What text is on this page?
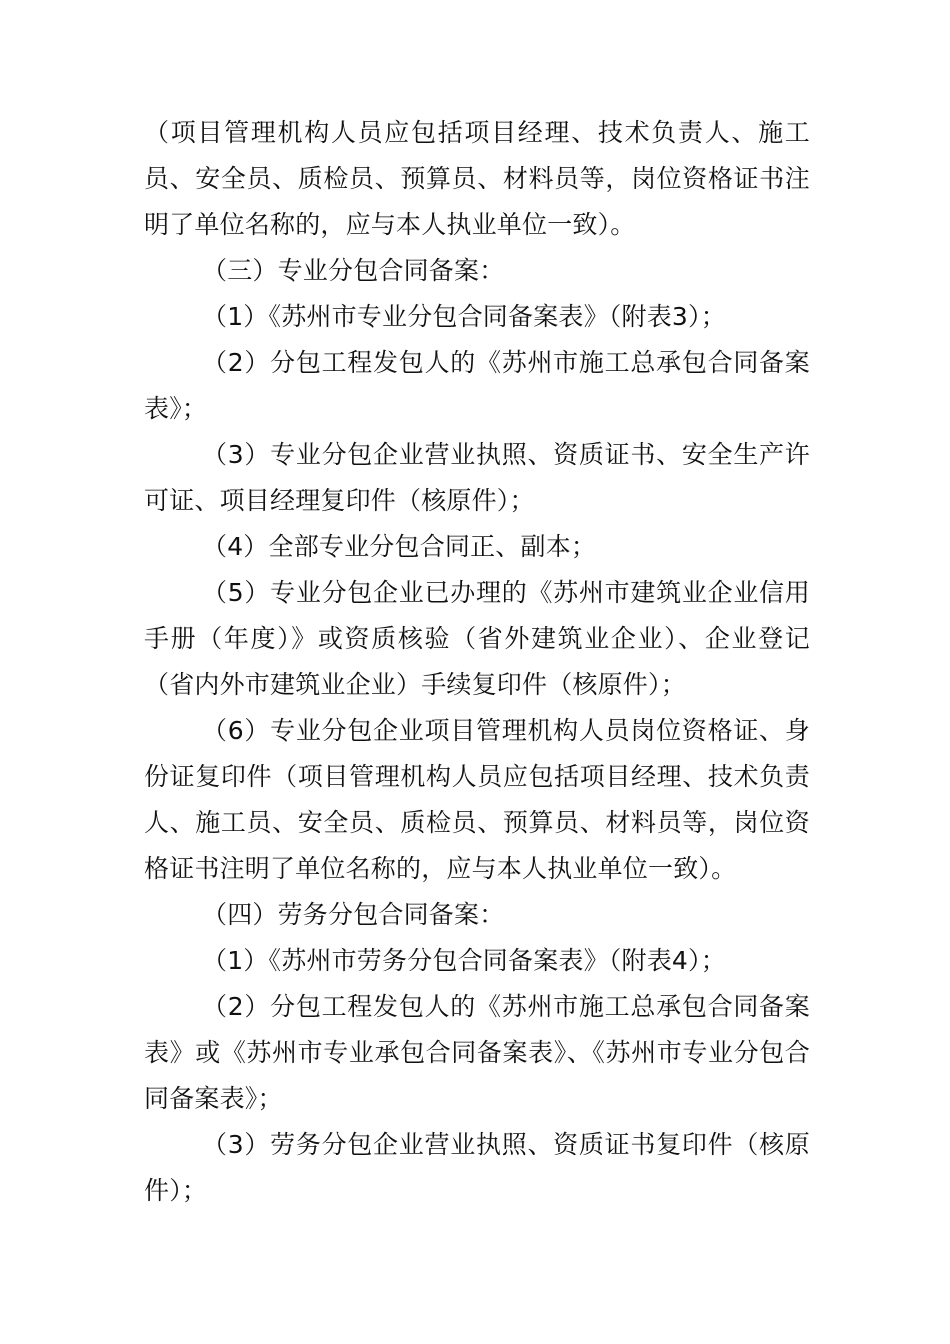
（项目管理机构人员应包括项目经理、技术负责人、施工员、安全员、质检员、预算员、材料员等，岗位资格证书注明了单位名称的，应与本人执业单位一致）。

（三）专业分包合同备案：

（1）《苏州市专业分包合同备案表》（附表3）；

（2）分包工程发包人的《苏州市施工总承包合同备案表》；

（3）专业分包企业营业执照、资质证书、安全生产许可证、项目经理复印件（核原件）；

（4）全部专业分包合同正、副本；

（5）专业分包企业已办理的《苏州市建筑业企业信用手册（年度）》或资质核验（省外建筑业企业）、企业登记（省内外市建筑业企业）手续复印件（核原件）；

（6）专业分包企业项目管理机构人员岗位资格证、身份证复印件（项目管理机构人员应包括项目经理、技术负责人、施工员、安全员、质检员、预算员、材料员等，岗位资格证书注明了单位名称的，应与本人执业单位一致）。

（四）劳务分包合同备案：

（1）《苏州市劳务分包合同备案表》（附表4）；

（2）分包工程发包人的《苏州市施工总承包合同备案表》或《苏州市专业承包合同备案表》、《苏州市专业分包合同备案表》；

（3）劳务分包企业营业执照、资质证书复印件（核原件）；
